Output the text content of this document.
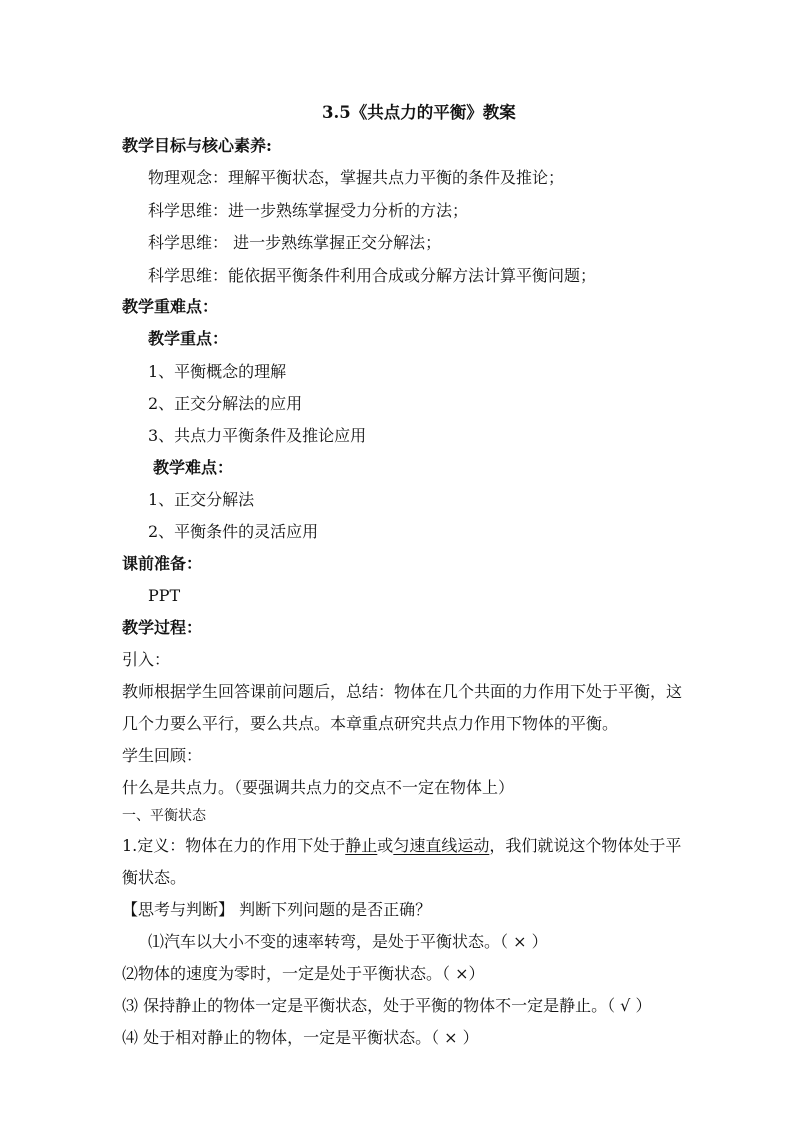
3.5《共点力的平衡》教案
教学目标与核心素养:
物理观念：理解平衡状态，掌握共点力平衡的条件及推论；
科学思维：进一步熟练掌握受力分析的方法；
科学思维： 进一步熟练掌握正交分解法；
科学思维：能依据平衡条件利用合成或分解方法计算平衡问题；
教学重难点：
教学重点：
1、平衡概念的理解
2、正交分解法的应用
3、共点力平衡条件及推论应用
教学难点：
1、正交分解法
2、平衡条件的灵活应用
课前准备：
PPT
教学过程：
引入：
教师根据学生回答课前问题后，总结：物体在几个共面的力作用下处于平衡，这
几个力要么平行，要么共点。本章重点研究共点力作用下物体的平衡。
学生回顾：
什么是共点力。（要强调共点力的交点不一定在物体上）
一、平衡状态
1.定义：物体在力的作用下处于静止或匀速直线运动，我们就说这个物体处于平
衡状态。
【思考与判断】 判断下列问题的是否正确？
⑴汽车以大小不变的速率转弯，是处于平衡状态。（ × ）
⑵物体的速度为零时，一定是处于平衡状态。（ ×）
⑶ 保持静止的物体一定是平衡状态，处于平衡的物体不一定是静止。（ √ ）
⑷ 处于相对静止的物体，一定是平衡状态。（ × ）
